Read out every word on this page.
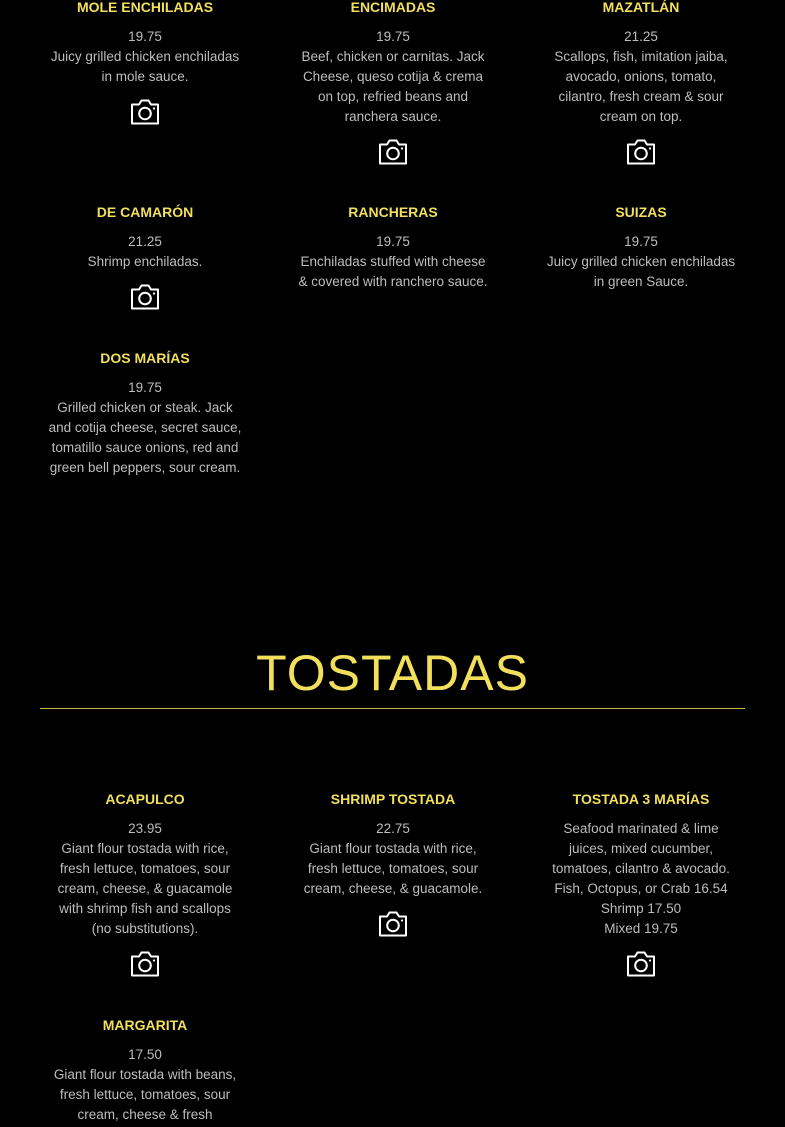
MOLE ENCHILADAS
19.75
Juicy grilled chicken enchiladas
in mole sauce.
ENCIMADAS
19.75
Beef, chicken or carnitas. Jack
Cheese, queso cotija & crema
on top, refried beans and
ranchera sauce.
MAZATLÁN
21.25
Scallops, fish, imitation jaiba,
avocado, onions, tomato,
cilantro, fresh cream & sour
cream on top.
DE CAMARÓN
21.25
Shrimp enchiladas.
RANCHERAS
19.75
Enchiladas stuffed with cheese
& covered with ranchero sauce.
SUIZAS
19.75
Juicy grilled chicken enchiladas
in green Sauce.
DOS MARÍAS
19.75
Grilled chicken or steak. Jack
and cotija cheese, secret sauce,
tomatillo sauce onions, red and
green bell peppers, sour cream.
TOSTADAS
ACAPULCO
23.95
Giant flour tostada with rice,
fresh lettuce, tomatoes, sour
cream, cheese, & guacamole
with shrimp fish and scallops
(no substitutions).
SHRIMP TOSTADA
22.75
Giant flour tostada with rice,
fresh lettuce, tomatoes, sour
cream, cheese, & guacamole.
TOSTADA 3 MARÍAS
Seafood marinated & lime
juices, mixed cucumber,
tomatoes, cilantro & avocado.
Fish, Octopus, or Crab 16.54
Shrimp 17.50
Mixed 19.75
MARGARITA
17.50
Giant flour tostada with beans,
fresh lettuce, tomatoes, sour
cream, cheese & fresh
